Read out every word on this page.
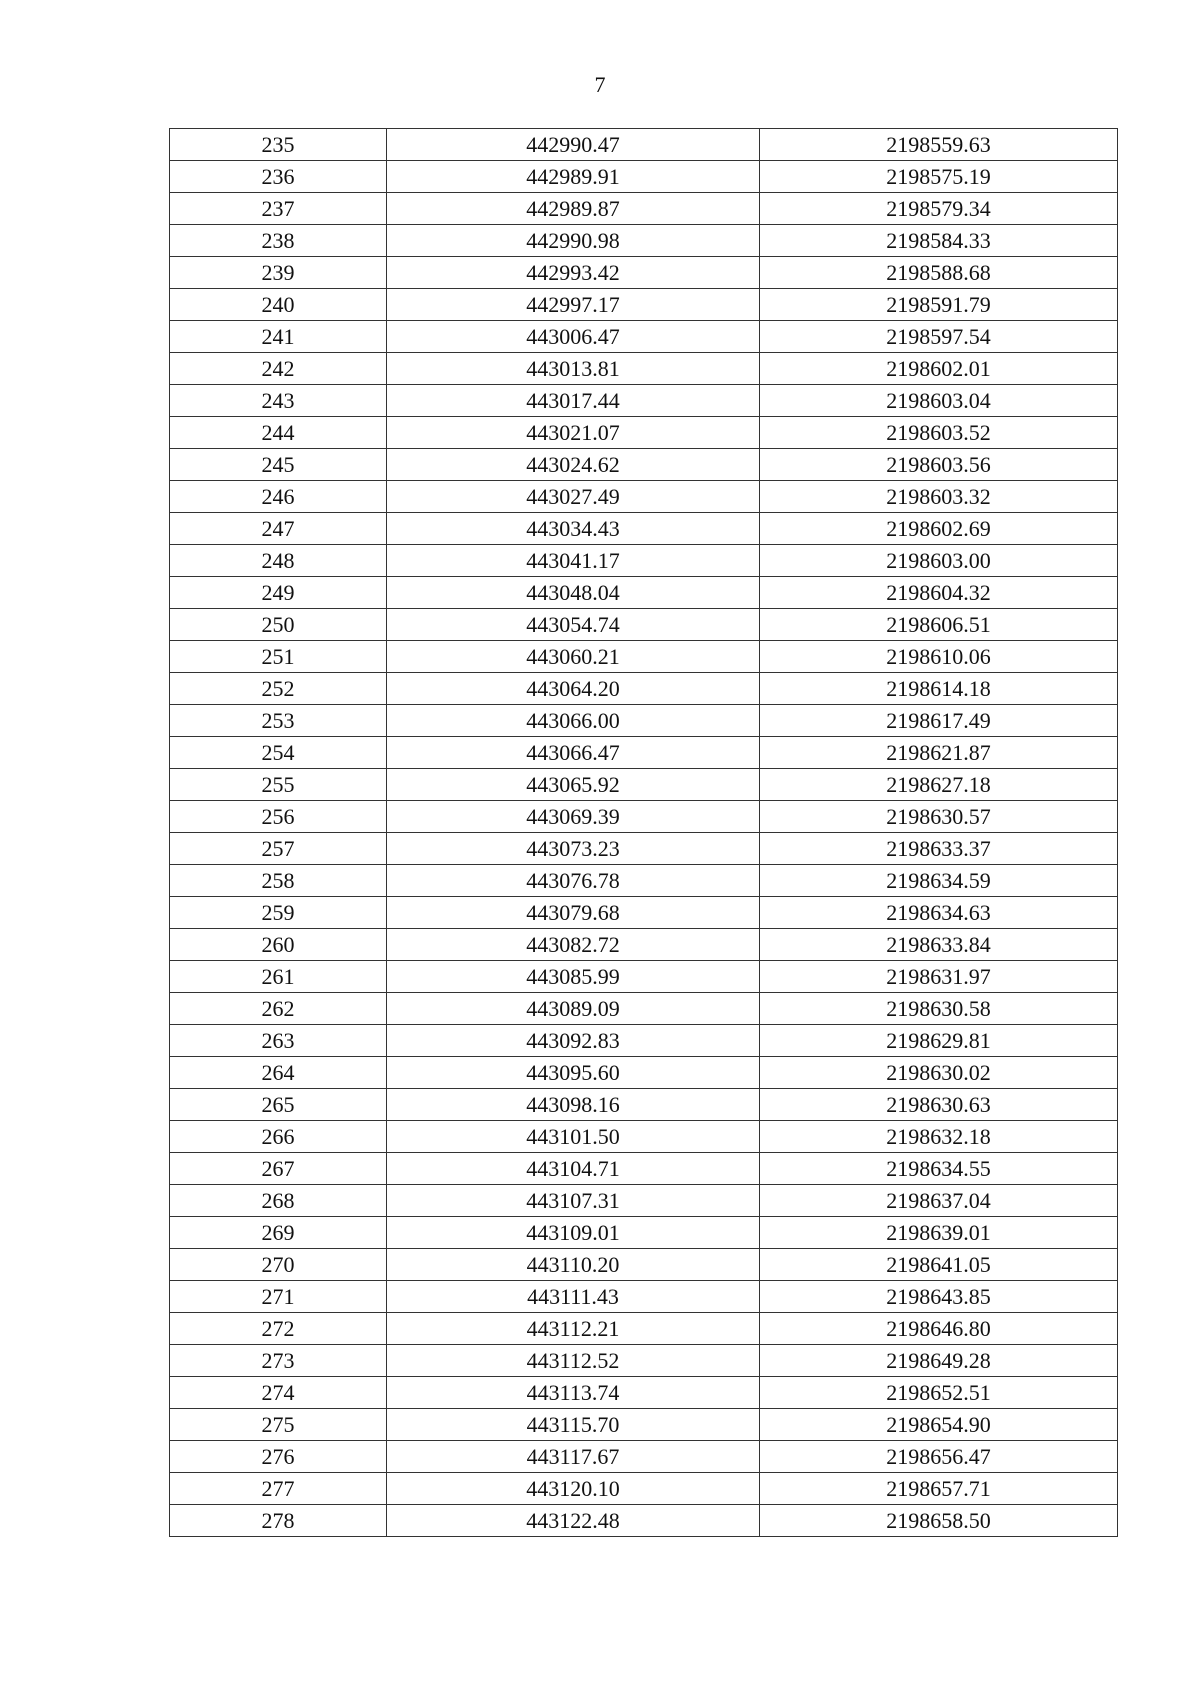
7
235	442990.47	2198559.63
236	442989.91	2198575.19
237	442989.87	2198579.34
238	442990.98	2198584.33
239	442993.42	2198588.68
240	442997.17	2198591.79
241	443006.47	2198597.54
242	443013.81	2198602.01
243	443017.44	2198603.04
244	443021.07	2198603.52
245	443024.62	2198603.56
246	443027.49	2198603.32
247	443034.43	2198602.69
248	443041.17	2198603.00
249	443048.04	2198604.32
250	443054.74	2198606.51
251	443060.21	2198610.06
252	443064.20	2198614.18
253	443066.00	2198617.49
254	443066.47	2198621.87
255	443065.92	2198627.18
256	443069.39	2198630.57
257	443073.23	2198633.37
258	443076.78	2198634.59
259	443079.68	2198634.63
260	443082.72	2198633.84
261	443085.99	2198631.97
262	443089.09	2198630.58
263	443092.83	2198629.81
264	443095.60	2198630.02
265	443098.16	2198630.63
266	443101.50	2198632.18
267	443104.71	2198634.55
268	443107.31	2198637.04
269	443109.01	2198639.01
270	443110.20	2198641.05
271	443111.43	2198643.85
272	443112.21	2198646.80
273	443112.52	2198649.28
274	443113.74	2198652.51
275	443115.70	2198654.90
276	443117.67	2198656.47
277	443120.10	2198657.71
278	443122.48	2198658.50
